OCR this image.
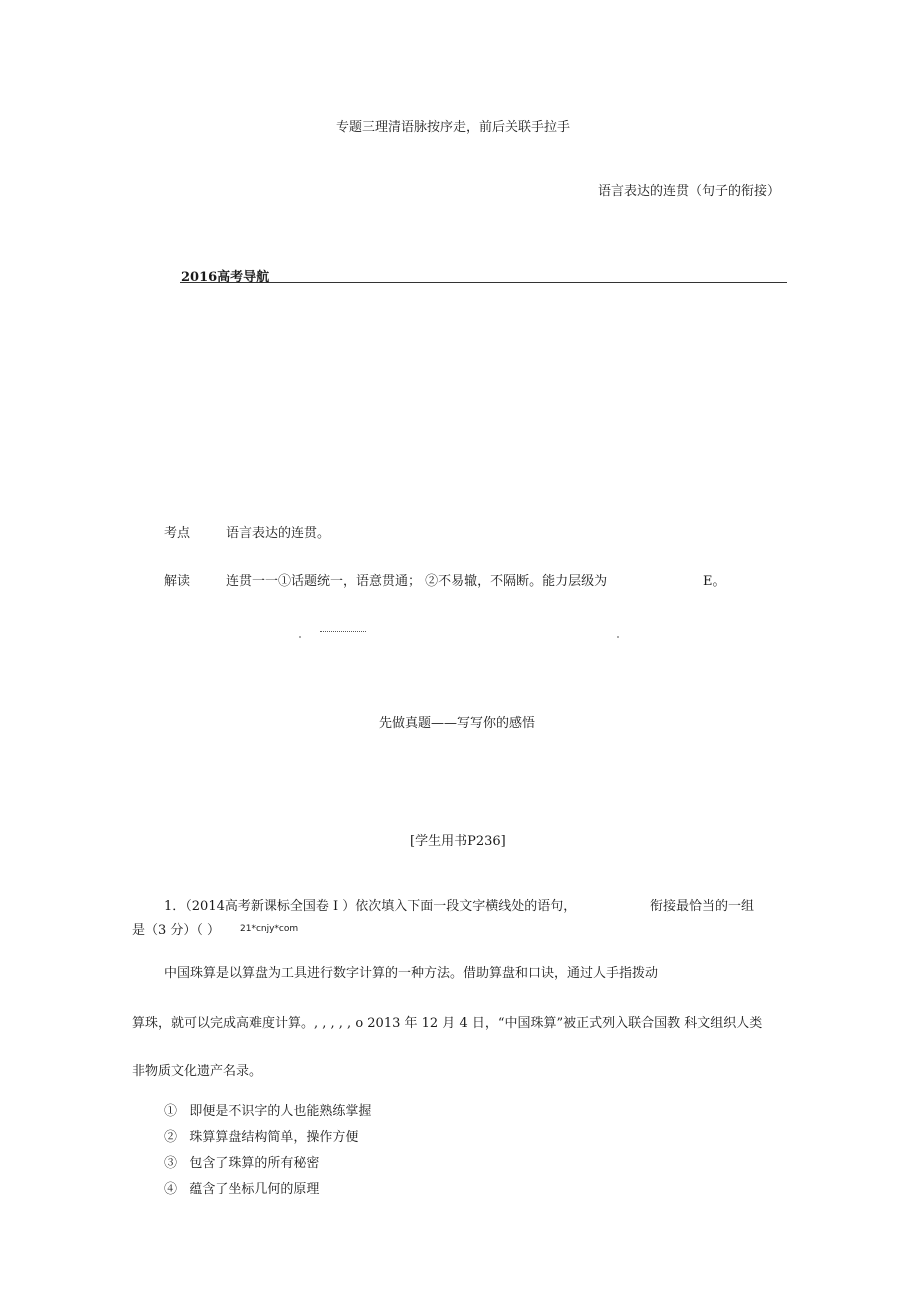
专题三理清语脉按序走，前后关联手拉手
语言表达的连贯（句子的衔接）
2016高考导航
考点	语言表达的连贯。
解读	连贯一一①话题统一，语意贯通； ②不易辙，不隔断。能力层级为	E。
先做真题——写写你的感悟
[学生用书P236]
1．（2014高考新课标全国卷 I ）依次填入下面一段文字横线处的语句，	衔接最恰当的一组
是（3 分）（ ） 21*cnjy*com
中国珠算是以算盘为工具进行数字计算的一种方法。借助算盘和口诀，通过人手指拨动
算珠，就可以完成高难度计算。, , , , , o 2013 年 12 月 4 日，“中国珠算”被正式列入联合国教 科文组织人类
非物质文化遗产名录。
① 即便是不识字的人也能熟练掌握
② 珠算算盘结构简单，操作方便
③ 包含了珠算的所有秘密
④ 蕴含了坐标几何的原理
